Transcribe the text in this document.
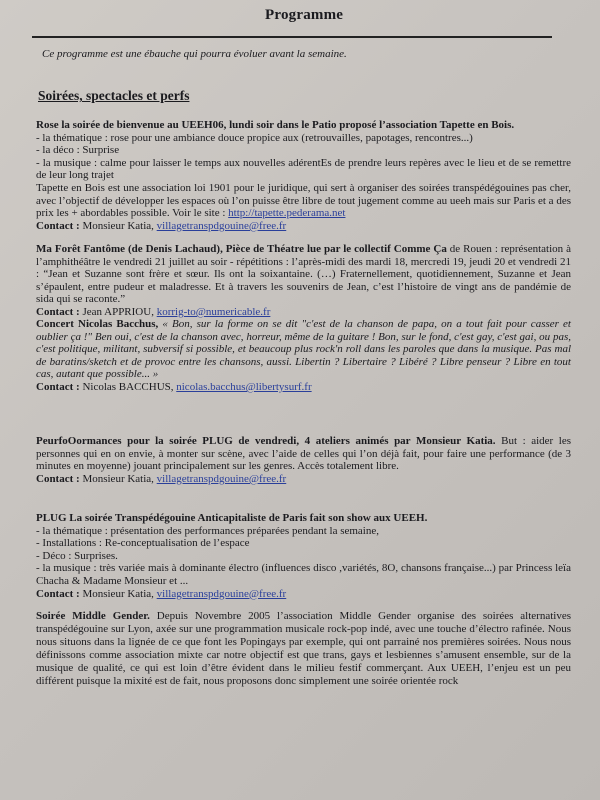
Programme
Ce programme est une ébauche qui pourra évoluer avant la semaine.
Soirées, spectacles et perfs
Rose la soirée de bienvenue au UEEH06, lundi soir dans le Patio proposé l’association Tapette en Bois.
- la thématique : rose pour une ambiance douce propice aux (retrouvailles, papotages, rencontres...)
- la déco : Surprise
- la musique : calme pour laisser le temps aux nouvelles adérentEs de prendre leurs repères avec le lieu et de se remettre de leur long trajet
Tapette en Bois est une association loi 1901 pour le juridique, qui sert à organiser des soirées transpédégouines pas cher, avec l’objectif de développer les espaces où l’on puisse être libre de tout jugement comme au ueeh mais sur Paris et a des prix les + abordables possible. Voir le site : http://tapette.pederama.net
Contact : Monsieur Katia, villagetranspdgouine@free.fr
Ma Forêt Fantôme (de Denis Lachaud), Pièce de Théatre lue par le collectif Comme Ça de Rouen : représentation à l’amphithéâtre le vendredi 21 juillet au soir - répétitions : l’après-midi des mardi 18, mercredi 19, jeudi 20 et vendredi 21 : “Jean et Suzanne sont frère et sœur. Ils ont la soixantaine. (…) Fraternellement, quotidiennement, Suzanne et Jean s’épaulent, entre pudeur et maladresse. Et à travers les souvenirs de Jean, c’est l’histoire de vingt ans de pandémie de sida qui se raconte.”
Contact : Jean APPRIOU, korrig-to@numericable.fr
Concert Nicolas Bacchus, « Bon, sur la forme on se dit "c'est de la chanson de papa, on a tout fait pour casser et oublier ça !" Ben oui, c'est de la chanson avec, horreur, même de la guitare ! Bon, sur le fond, c'est gay, c'est gai, ou pas, c'est politique, militant, subversif si possible, et beaucoup plus rock'n roll dans les paroles que dans la musique. Pas mal de baratins/sketch et de provoc entre les chansons, aussi. Libertin ? Libertaire ? Libéré ? Libre penseur ? Libre en tout cas, autant que possible... »
Contact : Nicolas BACCHUS, nicolas.bacchus@libertysurf.fr
PeurfoOormances pour la soirée PLUG de vendredi, 4 ateliers animés par Monsieur Katia. But : aider les personnes qui en on envie, à monter sur scène, avec l’aide de celles qui l’on déjà fait, pour faire une performance (de 3 minutes en moyenne) jouant principalement sur les genres. Accès totalement libre.
Contact : Monsieur Katia, villagetranspdgouine@free.fr
PLUG La soirée Transpédégouine Anticapitaliste de Paris fait son show aux UEEH.
- la thématique : présentation des performances préparées pendant la semaine,
- Installations : Re-conceptualisation de l’espace
- Déco : Surprises.
- la musique : très variée mais à dominante électro (influences disco ,variétés, 8O, chansons française...) par Princess leïa Chacha & Madame Monsieur et ...
Contact : Monsieur Katia, villagetranspdgouine@free.fr
Soirée Middle Gender. Depuis Novembre 2005 l’association Middle Gender organise des soirées alternatives transpédégouine sur Lyon, axée sur une programmation musicale rock-pop indé, avec une touche d’électro rafinée. Nous nous situons dans la lignée de ce que font les Popingays par exemple, qui ont parrainé nos premières soirées. Nous nous définissons comme association mixte car notre objectif est que trans, gays et lesbiennes s’amusent ensemble, sur de la musique de qualité, ce qui est loin d’être évident dans le milieu festif commerçant. Aux UEEH, l’enjeu est un peu différent puisque la mixité est de fait, nous proposons donc simplement une soirée orientée rock
